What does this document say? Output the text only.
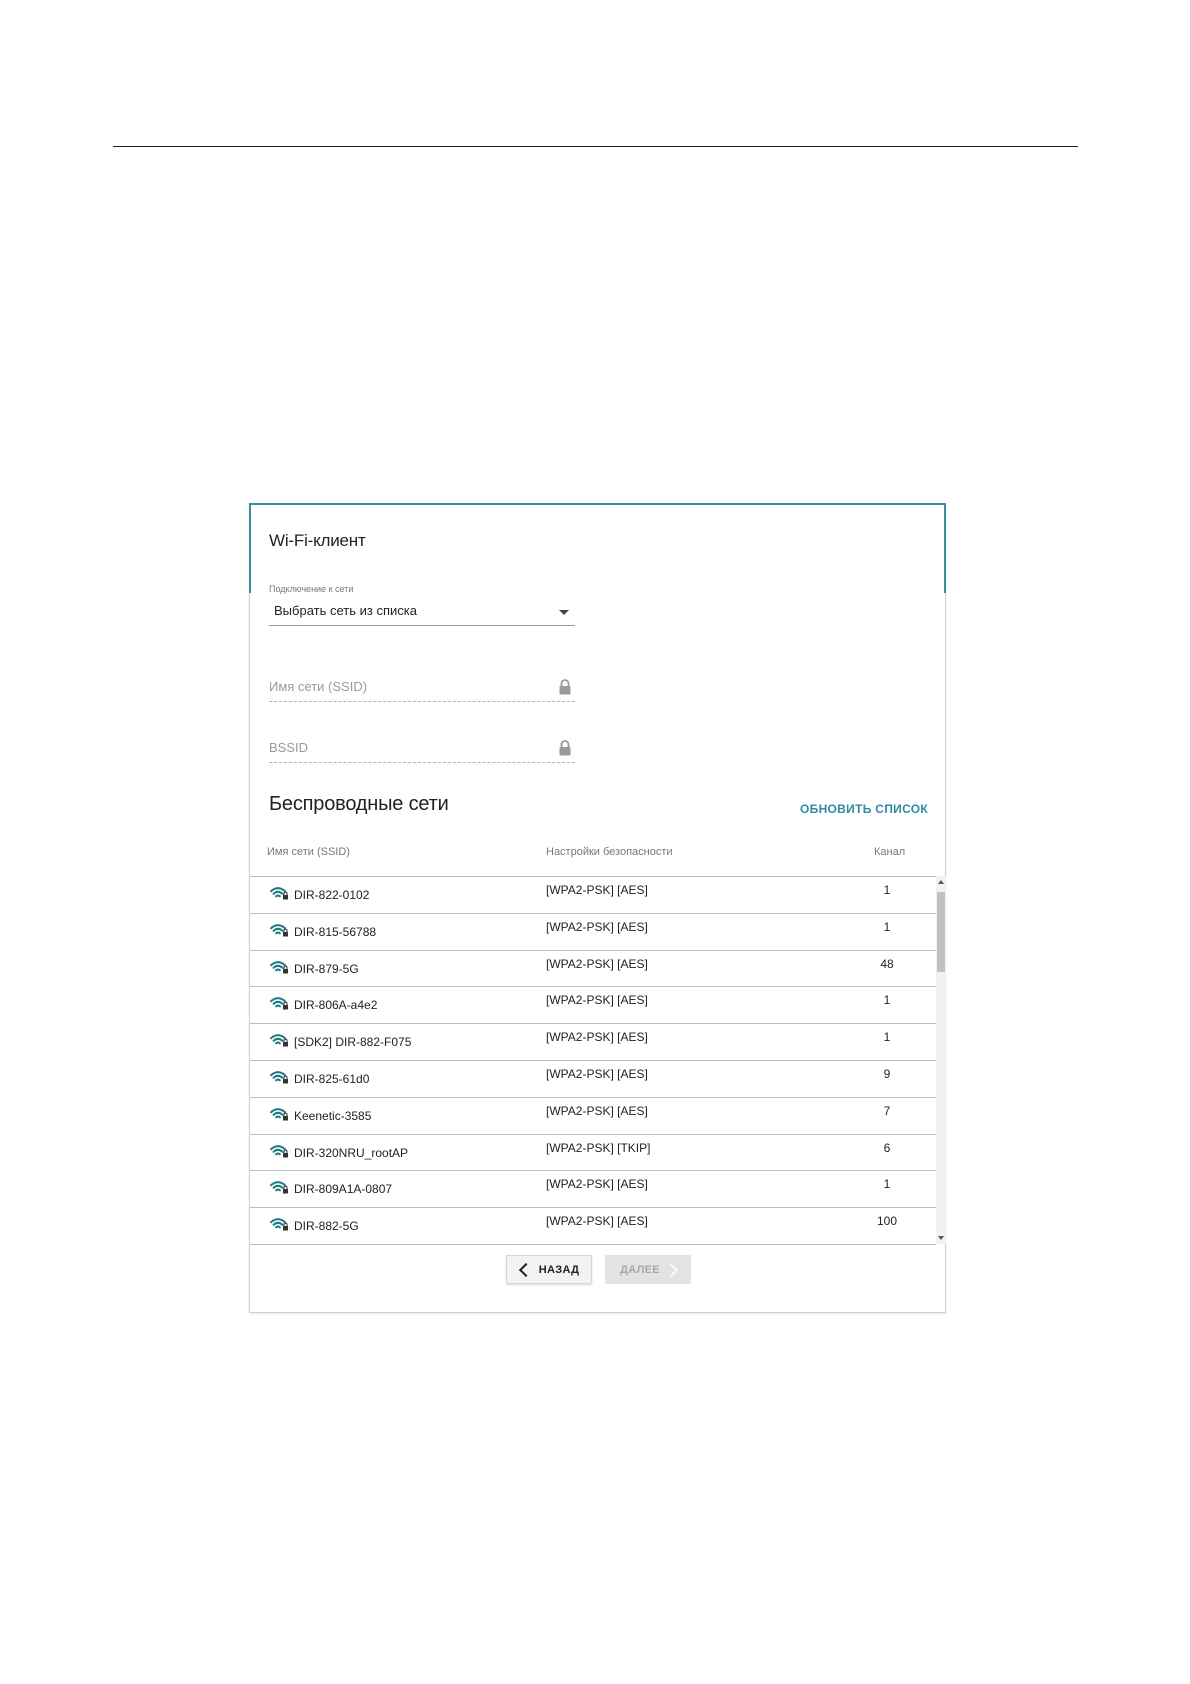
Wi-Fi-клиент
Подключение к сети
Выбрать сеть из списка
Имя сети (SSID)
BSSID
Беспроводные сети	ОБНОВИТЬ СПИСОК
Имя сети (SSID)	Настройки безопасности	Канал
DIR-822-0102	[WPA2-PSK] [AES]	1
DIR-815-56788	[WPA2-PSK] [AES]	1
DIR-879-5G	[WPA2-PSK] [AES]	48
DIR-806A-a4e2	[WPA2-PSK] [AES]	1
[SDK2] DIR-882-F075	[WPA2-PSK] [AES]	1
DIR-825-61d0	[WPA2-PSK] [AES]	9
Keenetic-3585	[WPA2-PSK] [AES]	7
DIR-320NRU_rootAP	[WPA2-PSK] [TKIP]	6
DIR-809A1A-0807	[WPA2-PSK] [AES]	1
DIR-882-5G	[WPA2-PSK] [AES]	100
НАЗАД	ДАЛЕЕ
